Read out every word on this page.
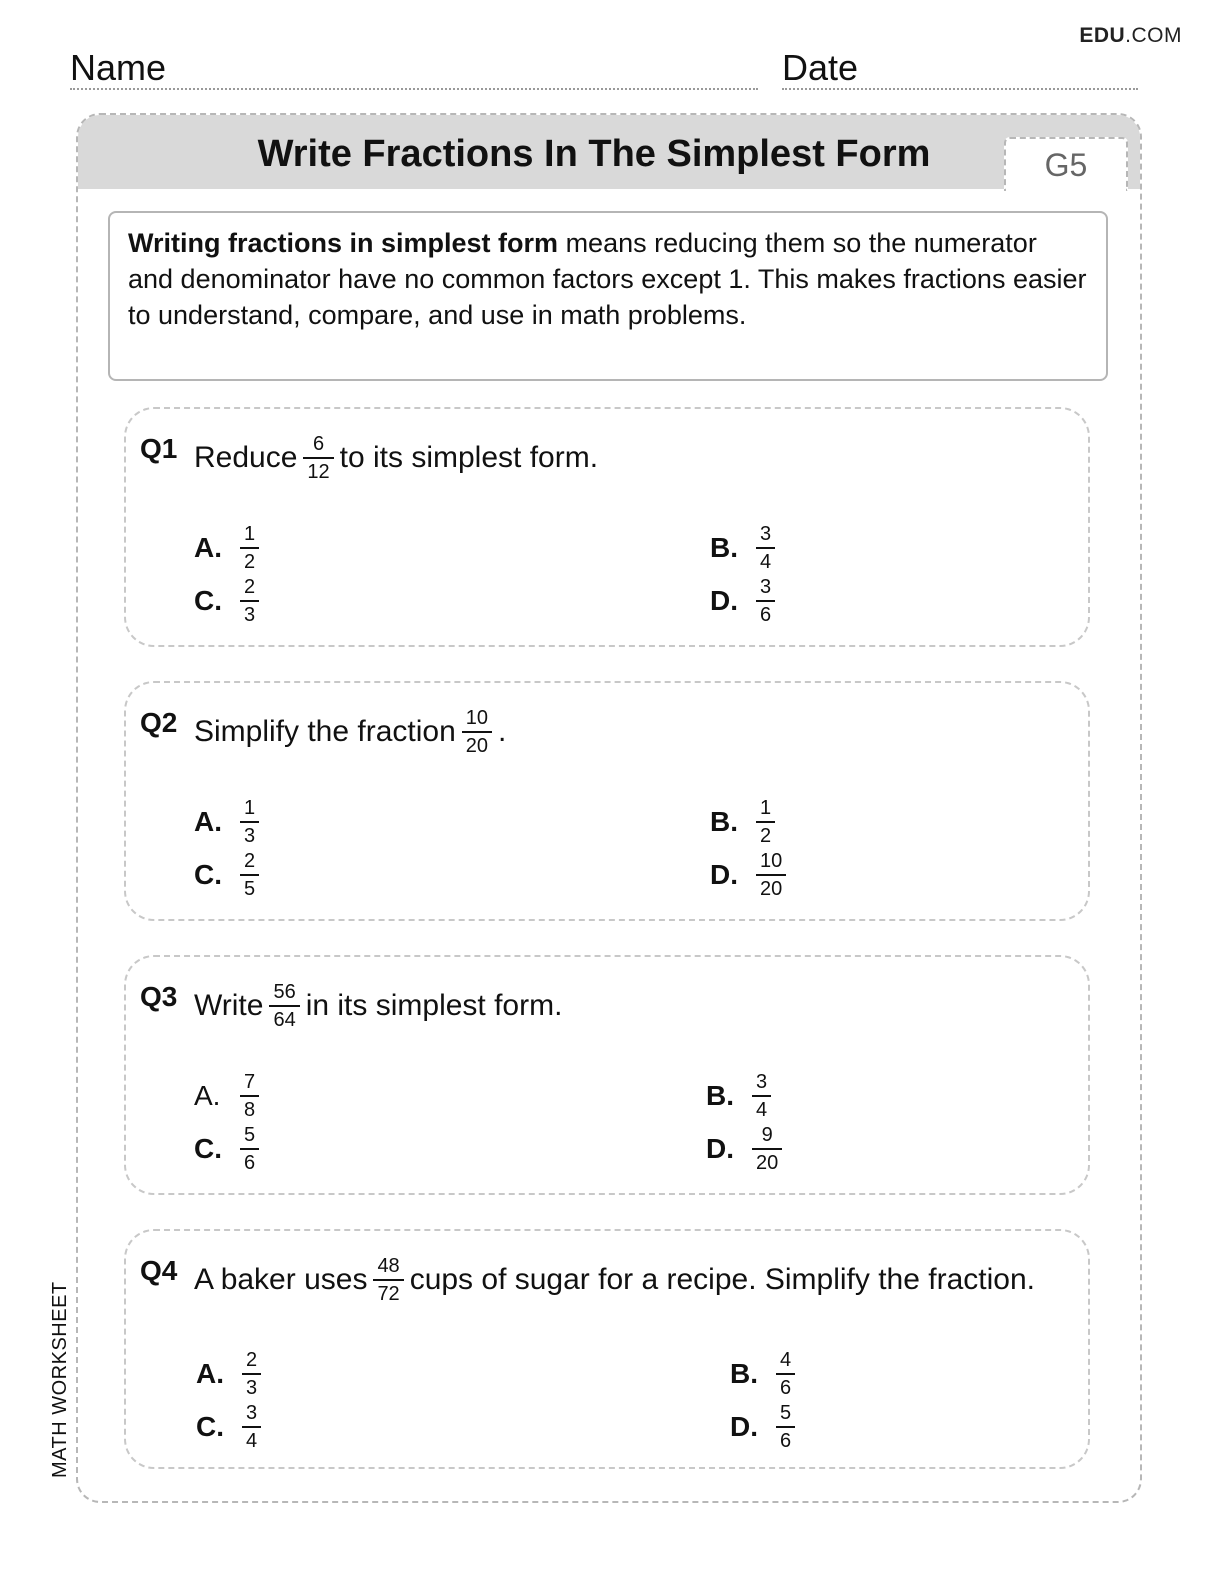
EDU.COM
Name	Date
MATH WORKSHEET
Write Fractions In The Simplest Form	G5
Writing fractions in simplest form means reducing them so the numerator and denominator have no common factors except 1. This makes fractions easier to understand, compare, and use in math problems.
Q1 Reduce $\frac{6}{12}$ to its simplest form.
A. $\frac{1}{2}$	B. $\frac{3}{4}$
C. $\frac{2}{3}$	D. $\frac{3}{6}$
Q2 Simplify the fraction $\frac{10}{20}$ .
A. $\frac{1}{3}$	B. $\frac{1}{2}$
C. $\frac{2}{5}$	D. $\frac{10}{20}$
Q3 Write $\frac{56}{64}$ in its simplest form.
A. $\frac{7}{8}$	B. $\frac{3}{4}$
C. $\frac{5}{6}$	D. $\frac{9}{20}$
Q4 A baker uses $\frac{48}{72}$ cups of sugar for a recipe. Simplify the fraction.
A. $\frac{2}{3}$	B. $\frac{4}{6}$
C. $\frac{3}{4}$	D. $\frac{5}{6}$
